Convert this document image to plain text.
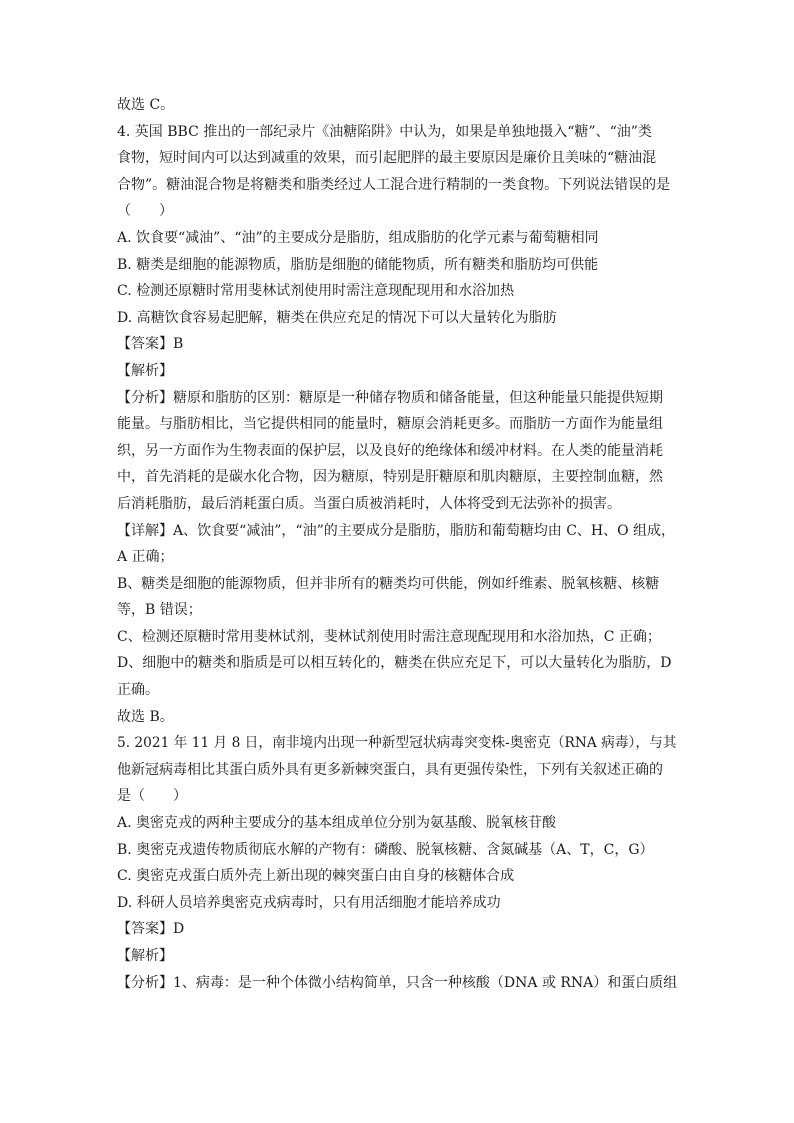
故选 C。
4. 英国 BBC 推出的一部纪录片《油糖陷阱》中认为，如果是单独地摄入“糖”、“油”类
食物，短时间内可以达到减重的效果，而引起肥胖的最主要原因是廉价且美味的“糖油混
合物”。糖油混合物是将糖类和脂类经过人工混合进行精制的一类食物。下列说法错误的是
（　　）
A. 饮食要“减油”、“油”的主要成分是脂肪，组成脂肪的化学元素与葡萄糖相同
B. 糖类是细胞的能源物质，脂肪是细胞的储能物质，所有糖类和脂肪均可供能
C. 检测还原糖时常用斐林试剂使用时需注意现配现用和水浴加热
D. 高糖饮食容易起肥解，糖类在供应充足的情况下可以大量转化为脂肪
【答案】B
【解析】
【分析】糖原和脂肪的区别：糖原是一种储存物质和储备能量，但这种能量只能提供短期
能量。与脂肪相比，当它提供相同的能量时，糖原会消耗更多。而脂肪一方面作为能量组
织，另一方面作为生物表面的保护层，以及良好的绝缘体和缓冲材料。在人类的能量消耗
中，首先消耗的是碳水化合物，因为糖原，特别是肝糖原和肌肉糖原，主要控制血糖，然
后消耗脂肪，最后消耗蛋白质。当蛋白质被消耗时，人体将受到无法弥补的损害。
【详解】A、饮食要“减油”，“油”的主要成分是脂肪，脂肪和葡萄糖均由 C、H、O 组成，
A 正确；
B、糖类是细胞的能源物质，但并非所有的糖类均可供能，例如纤维素、脱氧核糖、核糖
等，B 错误；
C、检测还原糖时常用斐林试剂，斐林试剂使用时需注意现配现用和水浴加热，C 正确；
D、细胞中的糖类和脂质是可以相互转化的，糖类在供应充足下，可以大量转化为脂肪，D
正确。
故选 B。
5. 2021 年 11 月 8 日，南非境内出现一种新型冠状病毒突变株-奥密克（RNA 病毒），与其
他新冠病毒相比其蛋白质外具有更多新棘突蛋白，具有更强传染性，下列有关叙述正确的
是（　　）
A. 奥密克戎的两种主要成分的基本组成单位分别为氨基酸、脱氧核苷酸
B. 奥密克戎遗传物质彻底水解的产物有：磷酸、脱氧核糖、含氮碱基（A、T，C，G）
C. 奥密克戎蛋白质外壳上新出现的棘突蛋白由自身的核糖体合成
D. 科研人员培养奥密克戎病毒时，只有用活细胞才能培养成功
【答案】D
【解析】
【分析】1、病毒：是一种个体微小结构简单，只含一种核酸（DNA 或 RNA）和蛋白质组
